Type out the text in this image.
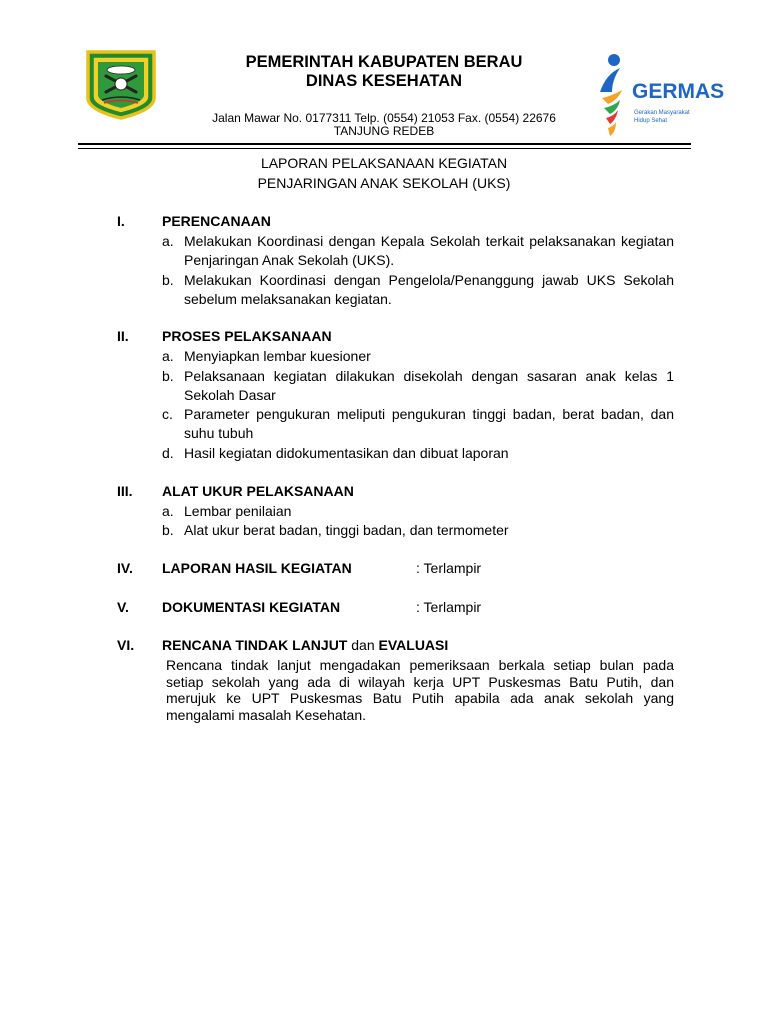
GERMAS
Gerakan Masyarakat
Hidup Sehat
PEMERINTAH KABUPATEN BERAU
DINAS KESEHATAN
Jalan Mawar No. 0177311 Telp. (0554) 21053 Fax. (0554) 22676
TANJUNG REDEB
LAPORAN PELAKSANAAN KEGIATAN
PENJARINGAN ANAK SEKOLAH (UKS)
I.	PERENCANAAN
a. Melakukan Koordinasi dengan Kepala Sekolah terkait pelaksanakan kegiatan Penjaringan Anak Sekolah (UKS).
b. Melakukan Koordinasi dengan Pengelola/Penanggung jawab UKS Sekolah sebelum melaksanakan kegiatan.
II. PROSES PELAKSANAAN
a. Menyiapkan lembar kuesioner
b. Pelaksanaan kegiatan dilakukan disekolah dengan sasaran anak kelas 1 Sekolah Dasar
c. Parameter pengukuran meliputi pengukuran tinggi badan, berat badan, dan suhu tubuh
d. Hasil kegiatan didokumentasikan dan dibuat laporan
III. ALAT UKUR PELAKSANAAN
a. Lembar penilaian
b. Alat ukur berat badan, tinggi badan, dan termometer
IV. LAPORAN HASIL KEGIATAN	: Terlampir
V. DOKUMENTASI KEGIATAN	: Terlampir
VI. RENCANA TINDAK LANJUT dan EVALUASI
Rencana tindak lanjut mengadakan pemeriksaan berkala setiap bulan pada setiap sekolah yang ada di wilayah kerja UPT Puskesmas Batu Putih, dan merujuk ke UPT Puskesmas Batu Putih apabila ada anak sekolah yang mengalami masalah Kesehatan.
